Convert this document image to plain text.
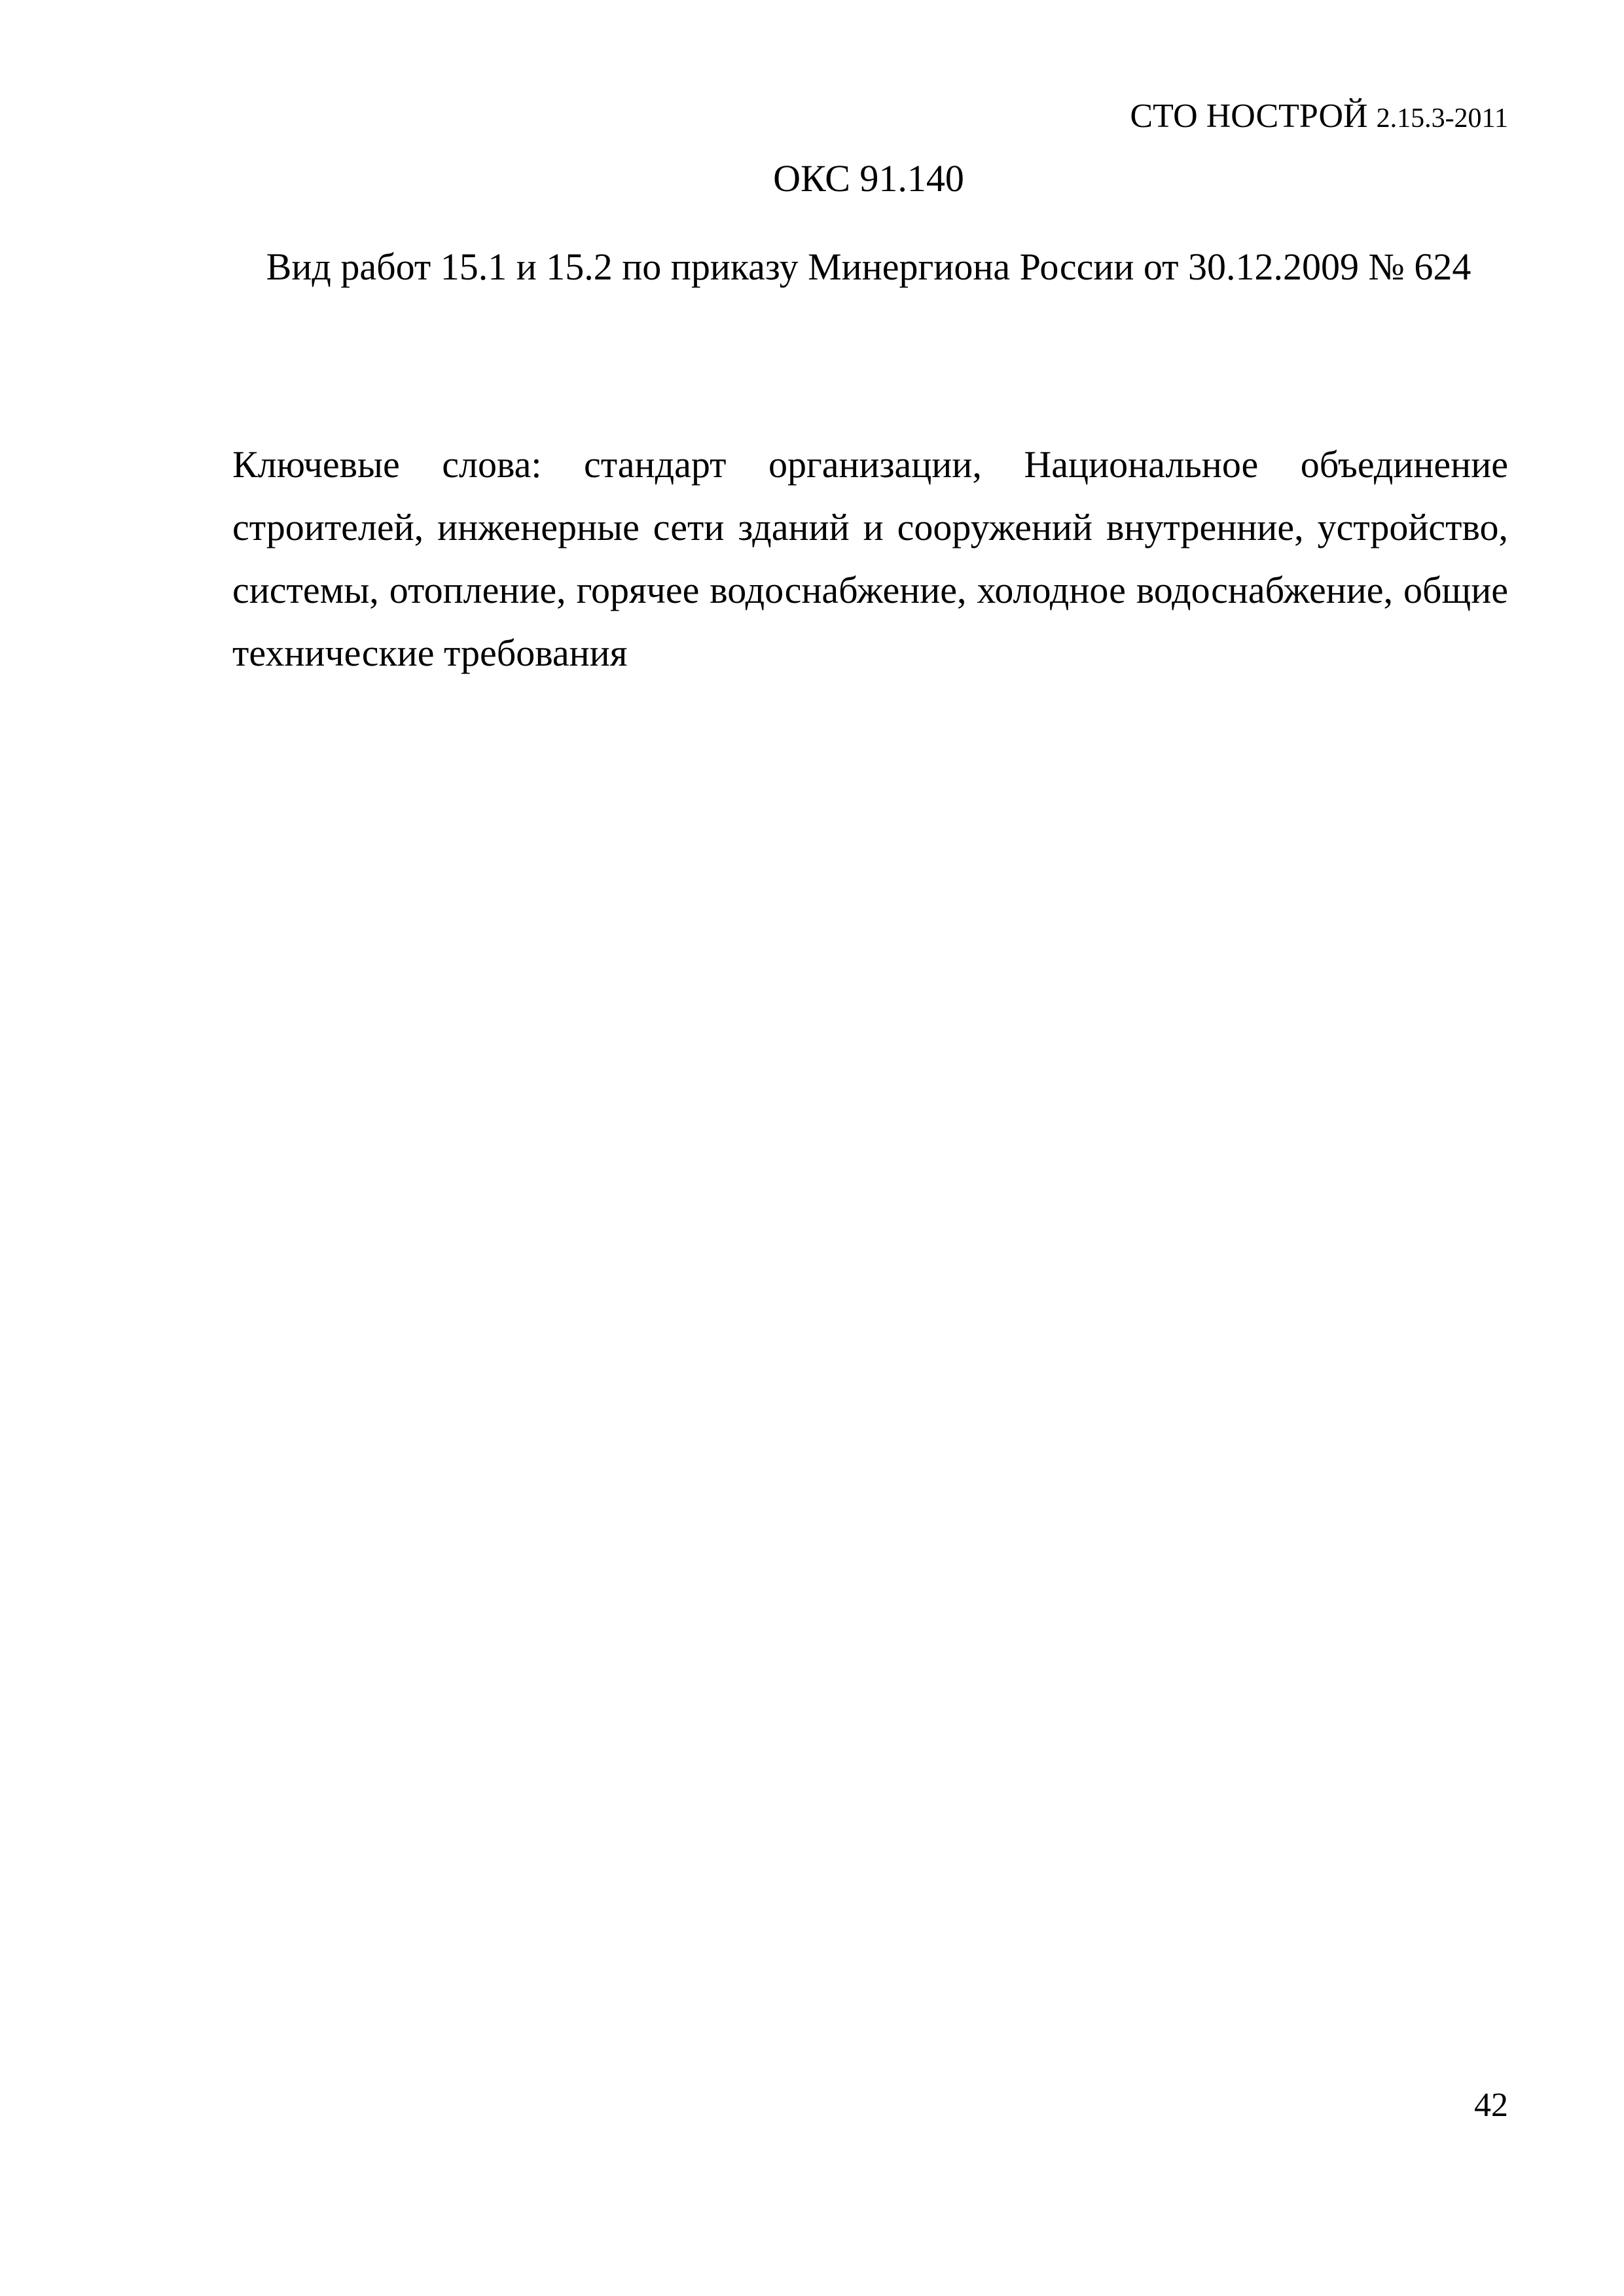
СТО НОСТРОЙ 2.15.3-2011
ОКС 91.140
Вид работ 15.1 и 15.2 по приказу Минергиона России от 30.12.2009 № 624

Ключевые слова: стандарт организации, Национальное объединение строителей, инженерные сети зданий и сооружений внутренние, устройство, системы, отопление, горячее водоснабжение, холодное водоснабжение, общие технические требования

42
